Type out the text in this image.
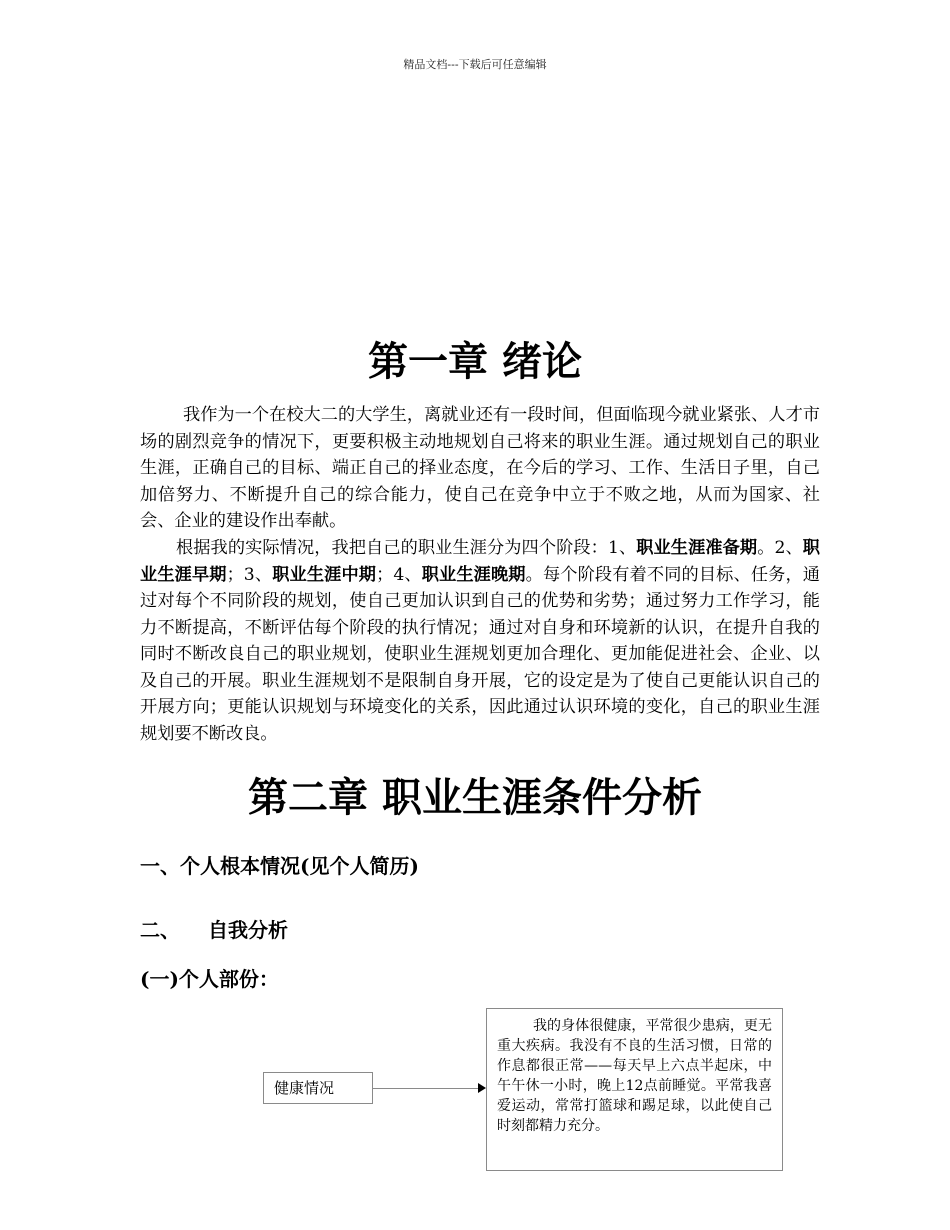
精品文档---下载后可任意编辑
第一章 绪论

我作为一个在校大二的大学生，离就业还有一段时间，但面临现今就业紧张、人才市场的剧烈竞争的情况下，更要积极主动地规划自己将来的职业生涯。通过规划自己的职业生涯，正确自己的目标、端正自己的择业态度，在今后的学习、工作、生活日子里，自己加倍努力、不断提升自己的综合能力，使自己在竞争中立于不败之地，从而为国家、社会、企业的建设作出奉献。

根据我的实际情况，我把自己的职业生涯分为四个阶段：1、职业生涯准备期。2、职业生涯早期；3、职业生涯中期；4、职业生涯晚期。每个阶段有着不同的目标、任务，通过对每个不同阶段的规划，使自己更加认识到自己的优势和劣势；通过努力工作学习，能力不断提高，不断评估每个阶段的执行情况；通过对自身和环境新的认识，在提升自我的同时不断改良自己的职业规划，使职业生涯规划更加合理化、更加能促进社会、企业、以及自己的开展。职业生涯规划不是限制自身开展，它的设定是为了使自己更能认识自己的开展方向；更能认识规划与环境变化的关系，因此通过认识环境的变化，自己的职业生涯规划要不断改良。

第二章 职业生涯条件分析
一、个人根本情况(见个人简历)
二、 自我分析
(一)个人部份：
健康情况

我的身体很健康，平常很少患病，更无重大疾病。我没有不良的生活习惯，日常的作息都很正常——每天早上六点半起床，中午午休一小时，晚上12点前睡觉。平常我喜爱运动，常常打篮球和踢足球，以此使自己时刻都精力充分。
